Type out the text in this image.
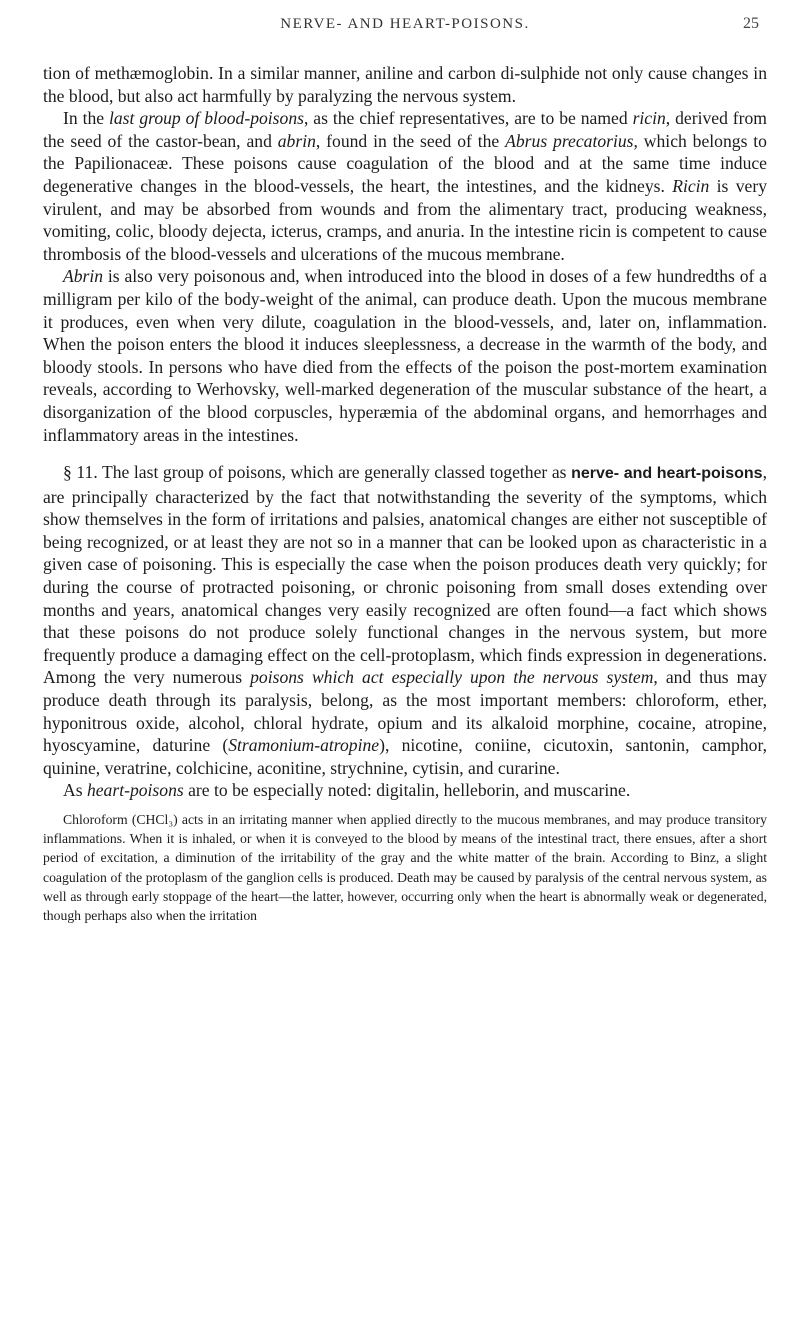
NERVE- AND HEART-POISONS.	25

tion of methæmoglobin. In a similar manner, aniline and carbon di-sulphide not only cause changes in the blood, but also act harmfully by paralyzing the nervous system.

In the last group of blood-poisons, as the chief representatives, are to be named ricin, derived from the seed of the castor-bean, and abrin, found in the seed of the Abrus precatorius, which belongs to the Papilionaceæ. These poisons cause coagulation of the blood and at the same time induce degenerative changes in the blood-vessels, the heart, the intestines, and the kidneys. Ricin is very virulent, and may be absorbed from wounds and from the alimentary tract, producing weakness, vomiting, colic, bloody dejecta, icterus, cramps, and anuria. In the intestine ricin is competent to cause thrombosis of the blood-vessels and ulcerations of the mucous membrane.

Abrin is also very poisonous and, when introduced into the blood in doses of a few hundredths of a milligram per kilo of the body-weight of the animal, can produce death. Upon the mucous membrane it produces, even when very dilute, coagulation in the blood-vessels, and, later on, inflammation. When the poison enters the blood it induces sleeplessness, a decrease in the warmth of the body, and bloody stools. In persons who have died from the effects of the poison the post-mortem examination reveals, according to Werhovsky, well-marked degeneration of the muscular substance of the heart, a disorganization of the blood corpuscles, hyperæmia of the abdominal organs, and hemorrhages and inflammatory areas in the intestines.

§ 11. The last group of poisons, which are generally classed together as nerve- and heart-poisons, are principally characterized by the fact that notwithstanding the severity of the symptoms, which show themselves in the form of irritations and palsies, anatomical changes are either not susceptible of being recognized, or at least they are not so in a manner that can be looked upon as characteristic in a given case of poisoning. This is especially the case when the poison produces death very quickly; for during the course of protracted poisoning, or chronic poisoning from small doses extending over months and years, anatomical changes very easily recognized are often found—a fact which shows that these poisons do not produce solely functional changes in the nervous system, but more frequently produce a damaging effect on the cell-protoplasm, which finds expression in degenerations. Among the very numerous poisons which act especially upon the nervous system, and thus may produce death through its paralysis, belong, as the most important members: chloroform, ether, hyponitrous oxide, alcohol, chloral hydrate, opium and its alkaloid morphine, cocaine, atropine, hyoscyamine, daturine (Stramonium-atropine), nicotine, coniine, cicutoxin, santonin, camphor, quinine, veratrine, colchicine, aconitine, strychnine, cytisin, and curarine.

As heart-poisons are to be especially noted: digitalin, helleborin, and muscarine.

Chloroform (CHCl₃) acts in an irritating manner when applied directly to the mucous membranes, and may produce transitory inflammations. When it is inhaled, or when it is conveyed to the blood by means of the intestinal tract, there ensues, after a short period of excitation, a diminution of the irritability of the gray and the white matter of the brain. According to Binz, a slight coagulation of the protoplasm of the ganglion cells is produced. Death may be caused by paralysis of the central nervous system, as well as through early stoppage of the heart—the latter, however, occurring only when the heart is abnormally weak or degenerated, though perhaps also when the irritation
